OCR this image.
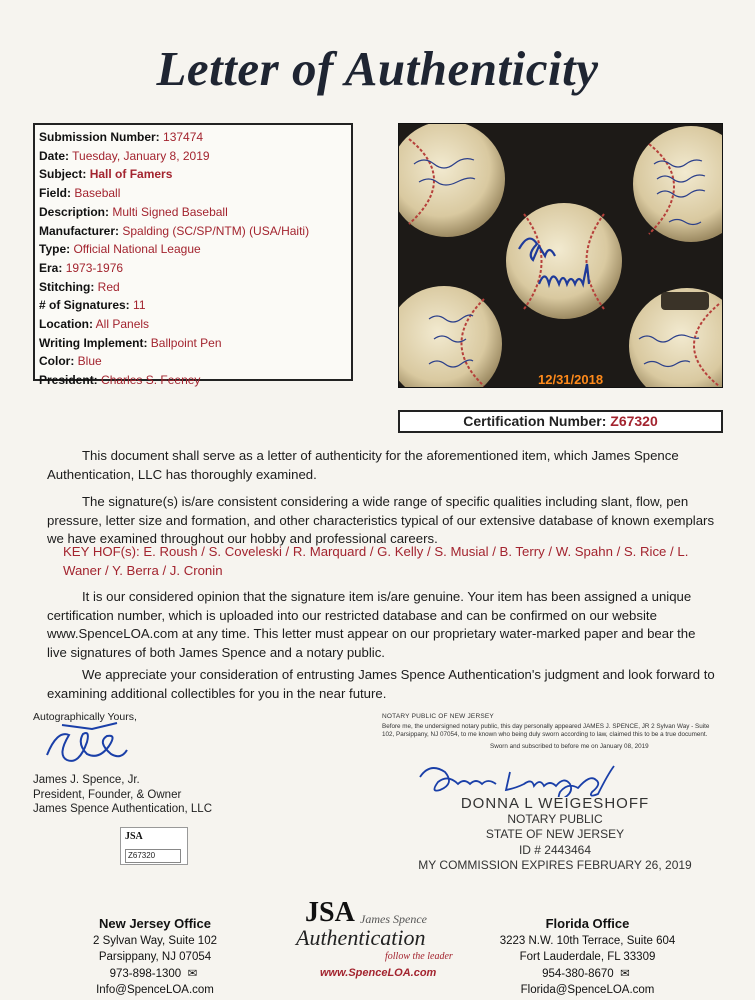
Letter of Authenticity
Submission Number: 137474
Date: Tuesday, January 8, 2019
Subject: Hall of Famers
Field: Baseball
Description: Multi Signed Baseball
Manufacturer: Spalding (SC/SP/NTM) (USA/Haiti)
Type: Official National League
Era: 1973-1976
Stitching: Red
# of Signatures: 11
Location: All Panels
Writing Implement: Ballpoint Pen
Color: Blue
President: Charles S. Feeney	12/31/2018
Certification Number: Z67320
This document shall serve as a letter of authenticity for the aforementioned item, which James Spence Authentication, LLC has thoroughly examined.
The signature(s) is/are consistent considering a wide range of specific qualities including slant, flow, pen pressure, letter size and formation, and other characteristics typical of our extensive database of known exemplars we have examined throughout our hobby and professional careers.
KEY HOF(s): E. Roush / S. Coveleski / R. Marquard / G. Kelly / S. Musial / B. Terry / W. Spahn / S. Rice / L. Waner / Y. Berra / J. Cronin
It is our considered opinion that the signature item is/are genuine. Your item has been assigned a unique certification number, which is uploaded into our restricted database and can be confirmed on our website www.SpenceLOA.com at any time. This letter must appear on our proprietary water-marked paper and bear the live signatures of both James Spence and a notary public.
We appreciate your consideration of entrusting James Spence Authentication's judgment and look forward to examining additional collectibles for you in the near future.
Autographically Yours,
James J. Spence, Jr.
President, Founder, & Owner
James Spence Authentication, LLC
NOTARY PUBLIC OF NEW JERSEY
Before me, the undersigned notary public, this day personally appeared JAMES J. SPENCE, JR 2 Sylvan Way - Suite 102, Parsippany, NJ 07054, to me known who being duly sworn according to law, claimed this to be a true document.
Sworn and subscribed to before me on January 08, 2019
DONNA L WEIGESHOFF
NOTARY PUBLIC
STATE OF NEW JERSEY
ID # 2443464
MY COMMISSION EXPIRES FEBRUARY 26, 2019
JSA
Z67320
New Jersey Office
2 Sylvan Way, Suite 102
Parsippany, NJ 07054
973-898-1300  ✉  Info@SpenceLOA.com
JSA James Spence
Authentication
follow the leader
www.SpenceLOA.com
Florida Office
3223 N.W. 10th Terrace, Suite 604
Fort Lauderdale, FL 33309
954-380-8670  ✉  Florida@SpenceLOA.com
